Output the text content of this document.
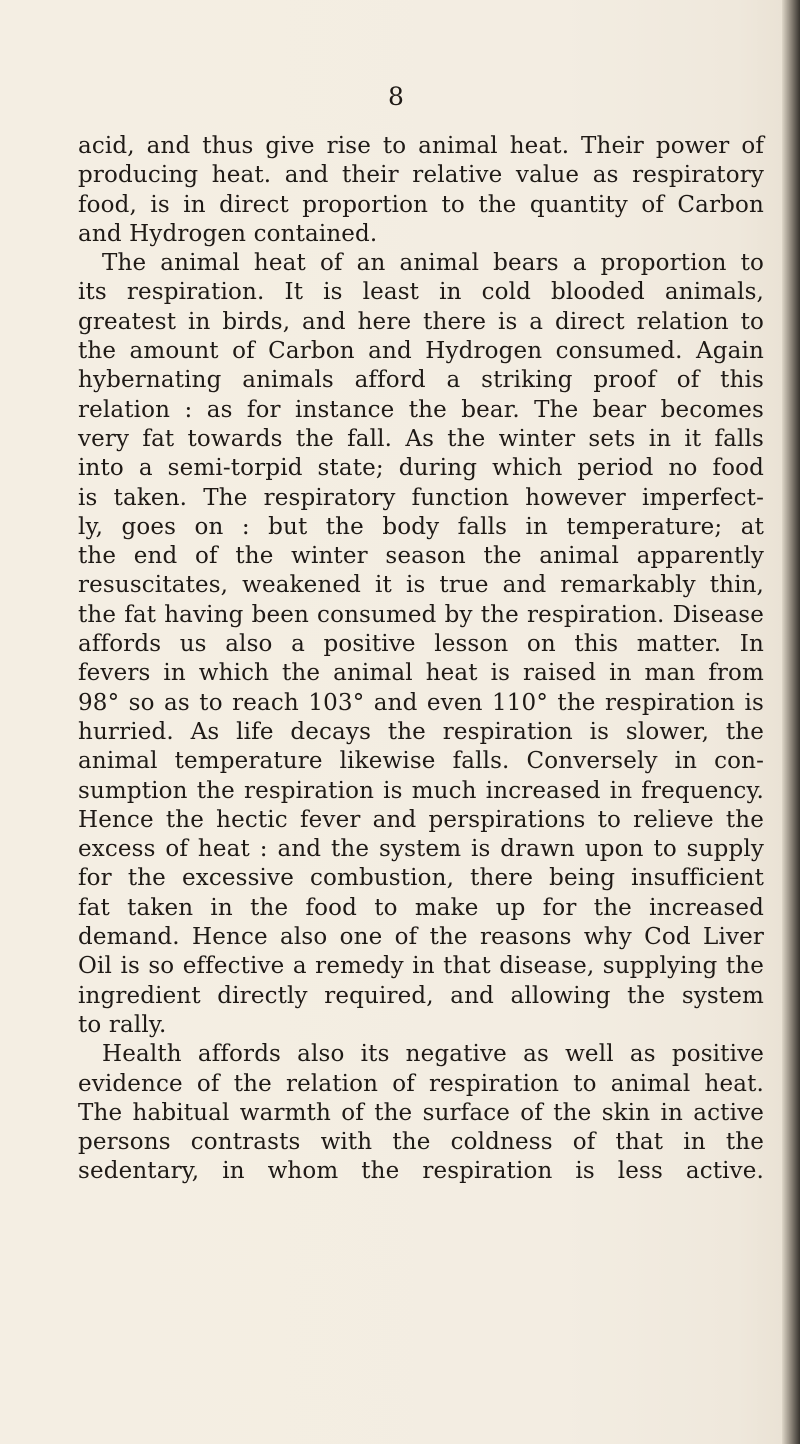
8
acid, and thus give rise to animal heat. Their power of
producing heat. and their relative value as respiratory
food, is in direct proportion to the quantity of Carbon
and Hydrogen contained.
The animal heat of an animal bears a proportion to
its respiration. It is least in cold blooded animals,
greatest in birds, and here there is a direct relation to
the amount of Carbon and Hydrogen consumed. Again
hybernating animals afford a striking proof of this
relation : as for instance the bear. The bear becomes
very fat towards the fall. As the winter sets in it falls
into a semi-torpid state; during which period no food
is taken. The respiratory function however imperfect-
ly, goes on : but the body falls in temperature; at
the end of the winter season the animal apparently
resuscitates, weakened it is true and remarkably thin,
the fat having been consumed by the respiration. Disease
affords us also a positive lesson on this matter. In
fevers in which the animal heat is raised in man from
98° so as to reach 103° and even 110° the respiration is
hurried. As life decays the respiration is slower, the
animal temperature likewise falls. Conversely in con-
sumption the respiration is much increased in frequency.
Hence the hectic fever and perspirations to relieve the
excess of heat : and the system is drawn upon to supply
for the excessive combustion, there being insufficient
fat taken in the food to make up for the increased
demand. Hence also one of the reasons why Cod Liver
Oil is so effective a remedy in that disease, supplying the
ingredient directly required, and allowing the system
to rally.
Health affords also its negative as well as positive
evidence of the relation of respiration to animal heat.
The habitual warmth of the surface of the skin in active
persons contrasts with the coldness of that in the
sedentary, in whom the respiration is less active.
